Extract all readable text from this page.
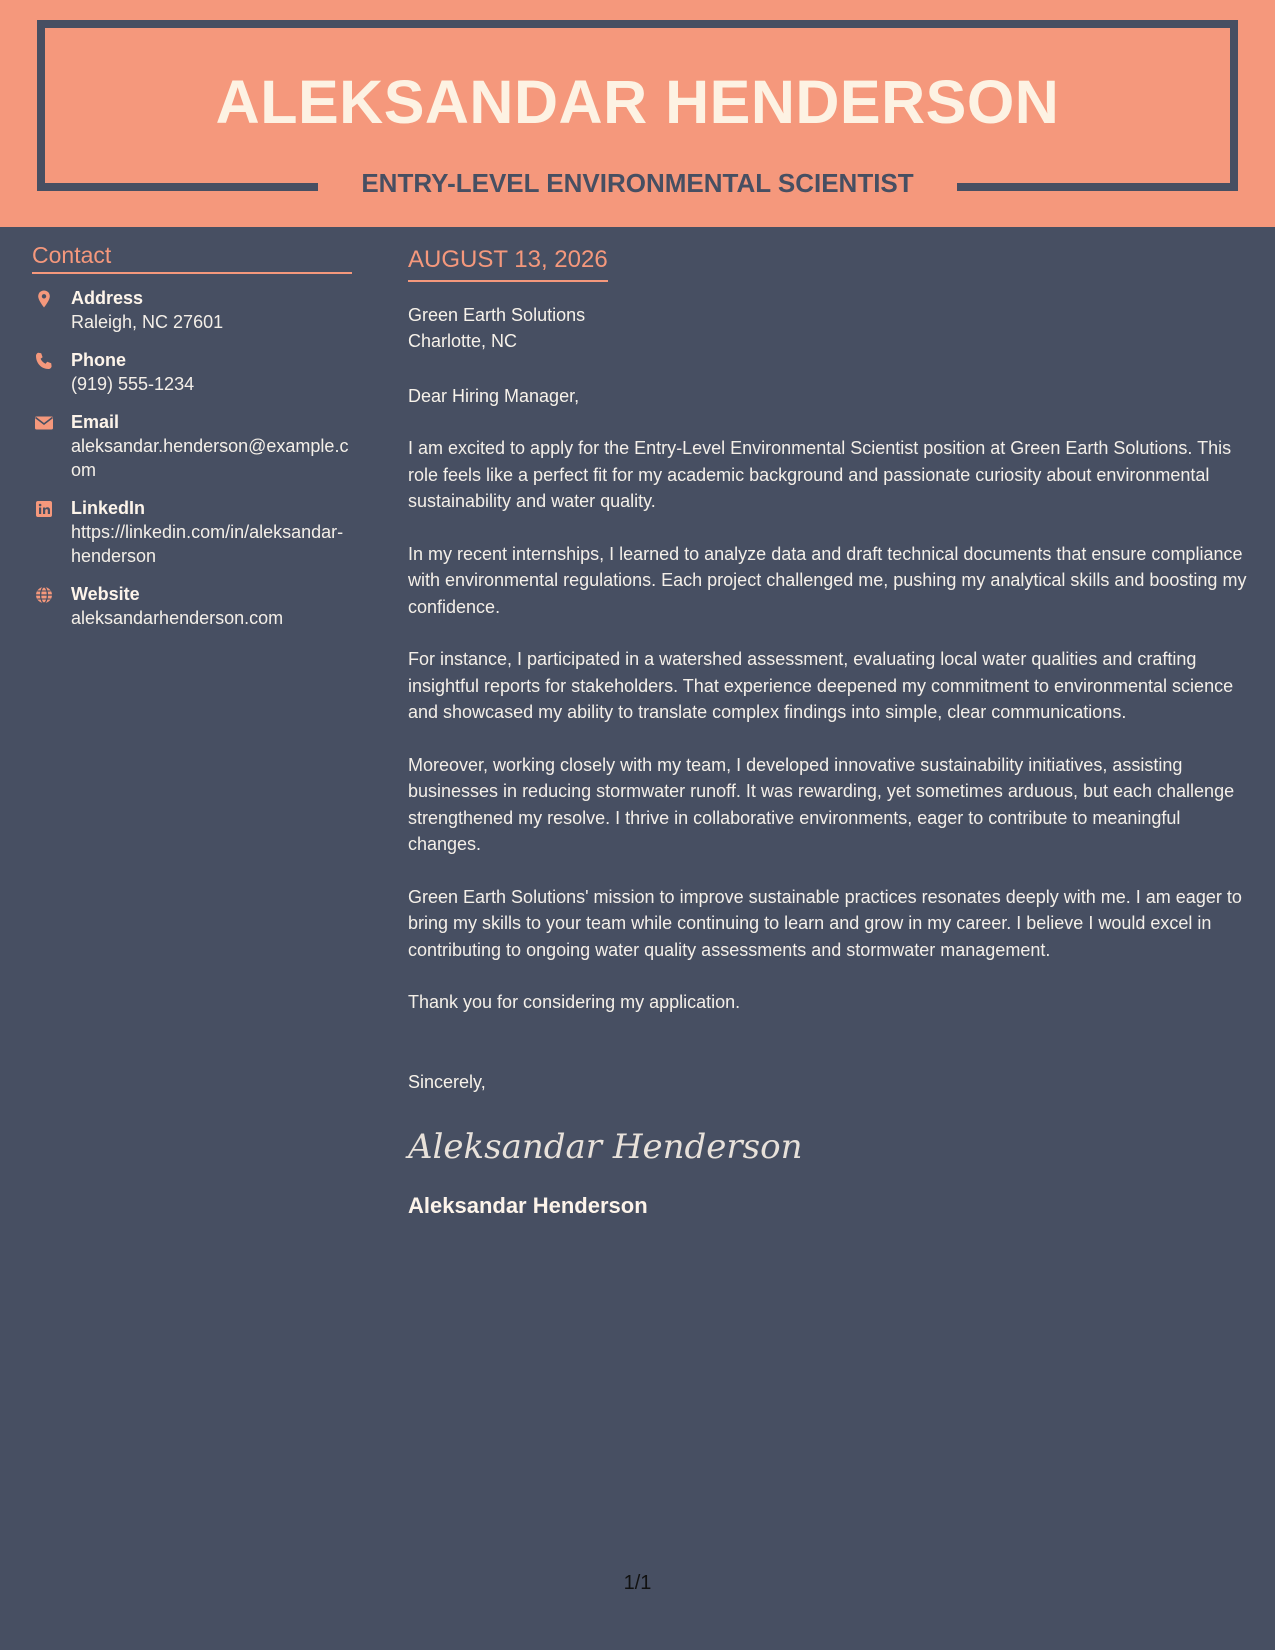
ALEKSANDAR HENDERSON
ENTRY-LEVEL ENVIRONMENTAL SCIENTIST
Contact
Address
Raleigh, NC 27601
Phone
(919) 555-1234
Email
aleksandar.henderson@example.com
LinkedIn
https://linkedin.com/in/aleksandar-henderson
Website
aleksandarhenderson.com
AUGUST 13, 2026
Green Earth Solutions
Charlotte, NC
Dear Hiring Manager,
I am excited to apply for the Entry-Level Environmental Scientist position at Green Earth Solutions. This role feels like a perfect fit for my academic background and passionate curiosity about environmental sustainability and water quality.
In my recent internships, I learned to analyze data and draft technical documents that ensure compliance with environmental regulations. Each project challenged me, pushing my analytical skills and boosting my confidence.
For instance, I participated in a watershed assessment, evaluating local water qualities and crafting insightful reports for stakeholders. That experience deepened my commitment to environmental science and showcased my ability to translate complex findings into simple, clear communications.
Moreover, working closely with my team, I developed innovative sustainability initiatives, assisting businesses in reducing stormwater runoff. It was rewarding, yet sometimes arduous, but each challenge strengthened my resolve. I thrive in collaborative environments, eager to contribute to meaningful changes.
Green Earth Solutions' mission to improve sustainable practices resonates deeply with me. I am eager to bring my skills to your team while continuing to learn and grow in my career. I believe I would excel in contributing to ongoing water quality assessments and stormwater management.
Thank you for considering my application.
Sincerely,
Aleksandar Henderson
Aleksandar Henderson
1/1
